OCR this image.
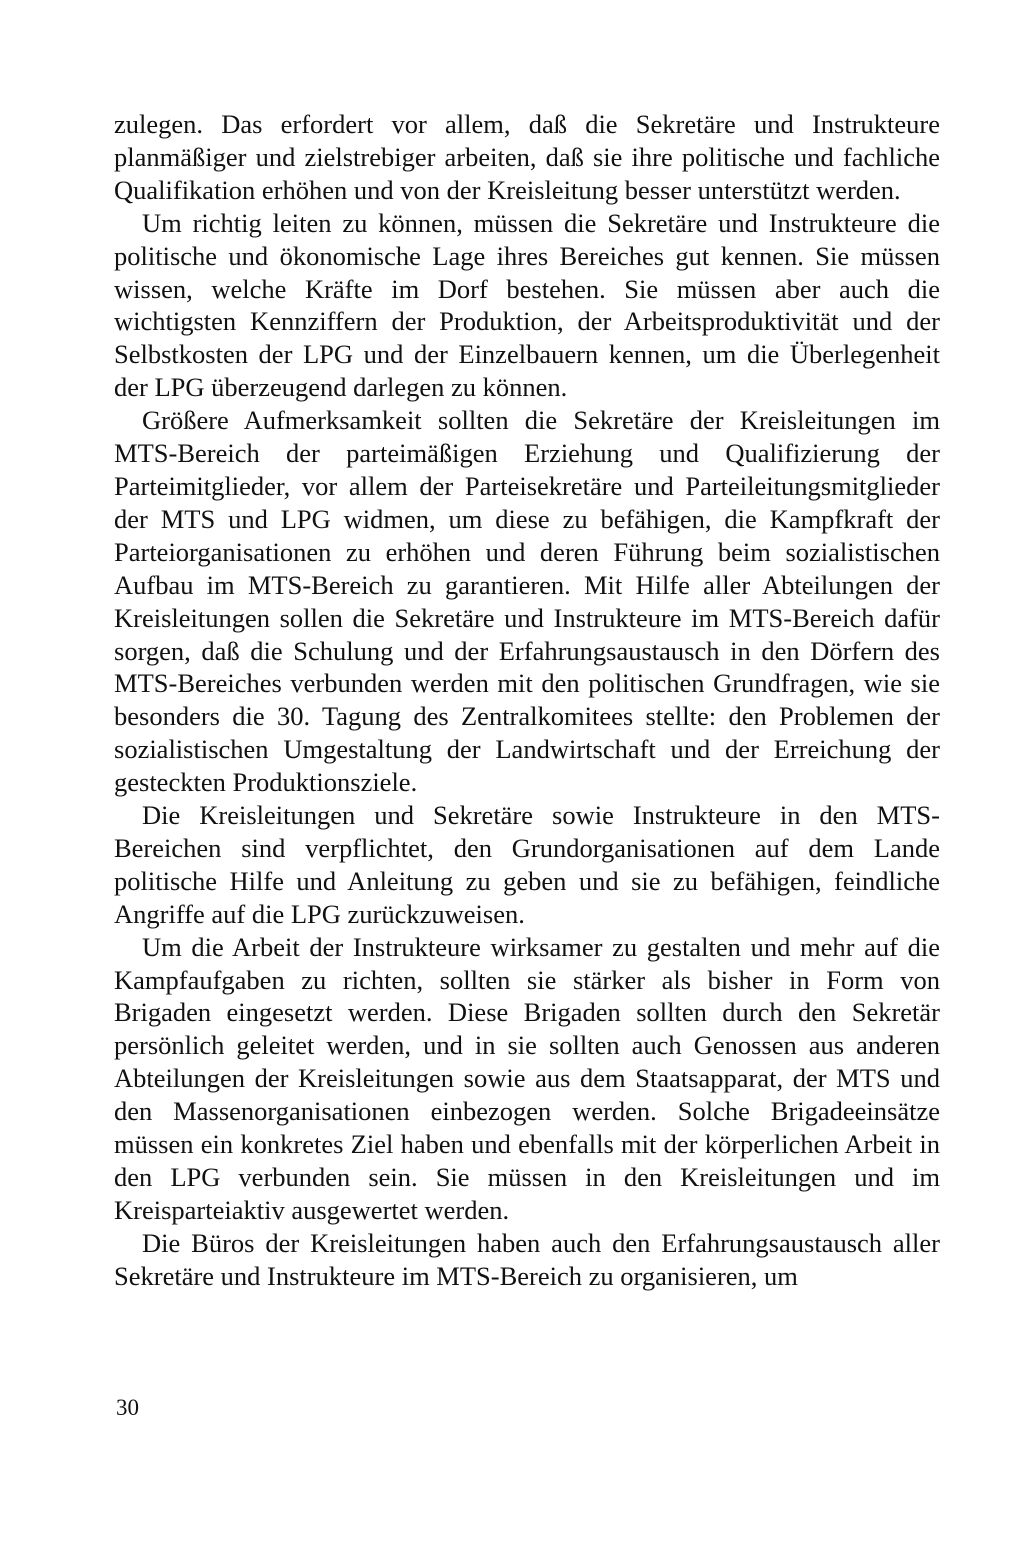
zulegen. Das erfordert vor allem, daß die Sekretäre und Instrukteure planmäßiger und zielstrebiger arbeiten, daß sie ihre politische und fachliche Qualifikation erhöhen und von der Kreisleitung besser unterstützt werden.

Um richtig leiten zu können, müssen die Sekretäre und Instrukteure die politische und ökonomische Lage ihres Bereiches gut kennen. Sie müssen wissen, welche Kräfte im Dorf bestehen. Sie müssen aber auch die wichtigsten Kennziffern der Produktion, der Arbeitsproduktivität und der Selbstkosten der LPG und der Einzelbauern kennen, um die Überlegenheit der LPG überzeugend darlegen zu können.

Größere Aufmerksamkeit sollten die Sekretäre der Kreisleitungen im MTS-Bereich der parteimäßigen Erziehung und Qualifizierung der Parteimitglieder, vor allem der Parteisekretäre und Parteileitungsmitglieder der MTS und LPG widmen, um diese zu befähigen, die Kampfkraft der Parteiorganisationen zu erhöhen und deren Führung beim sozialistischen Aufbau im MTS-Bereich zu garantieren. Mit Hilfe aller Abteilungen der Kreisleitungen sollen die Sekretäre und Instrukteure im MTS-Bereich dafür sorgen, daß die Schulung und der Erfahrungsaustausch in den Dörfern des MTS-Bereiches verbunden werden mit den politischen Grundfragen, wie sie besonders die 30. Tagung des Zentralkomitees stellte: den Problemen der sozialistischen Umgestaltung der Landwirtschaft und der Erreichung der gesteckten Produktionsziele.

Die Kreisleitungen und Sekretäre sowie Instrukteure in den MTS-Bereichen sind verpflichtet, den Grundorganisationen auf dem Lande politische Hilfe und Anleitung zu geben und sie zu befähigen, feindliche Angriffe auf die LPG zurückzuweisen.

Um die Arbeit der Instrukteure wirksamer zu gestalten und mehr auf die Kampfaufgaben zu richten, sollten sie stärker als bisher in Form von Brigaden eingesetzt werden. Diese Brigaden sollten durch den Sekretär persönlich geleitet werden, und in sie sollten auch Genossen aus anderen Abteilungen der Kreisleitungen sowie aus dem Staatsapparat, der MTS und den Massenorganisationen einbezogen werden. Solche Brigadeeinsätze müssen ein konkretes Ziel haben und ebenfalls mit der körperlichen Arbeit in den LPG verbunden sein. Sie müssen in den Kreisleitungen und im Kreisparteiaktiv ausgewertet werden.

Die Büros der Kreisleitungen haben auch den Erfahrungsaustausch aller Sekretäre und Instrukteure im MTS-Bereich zu organisieren, um

30
